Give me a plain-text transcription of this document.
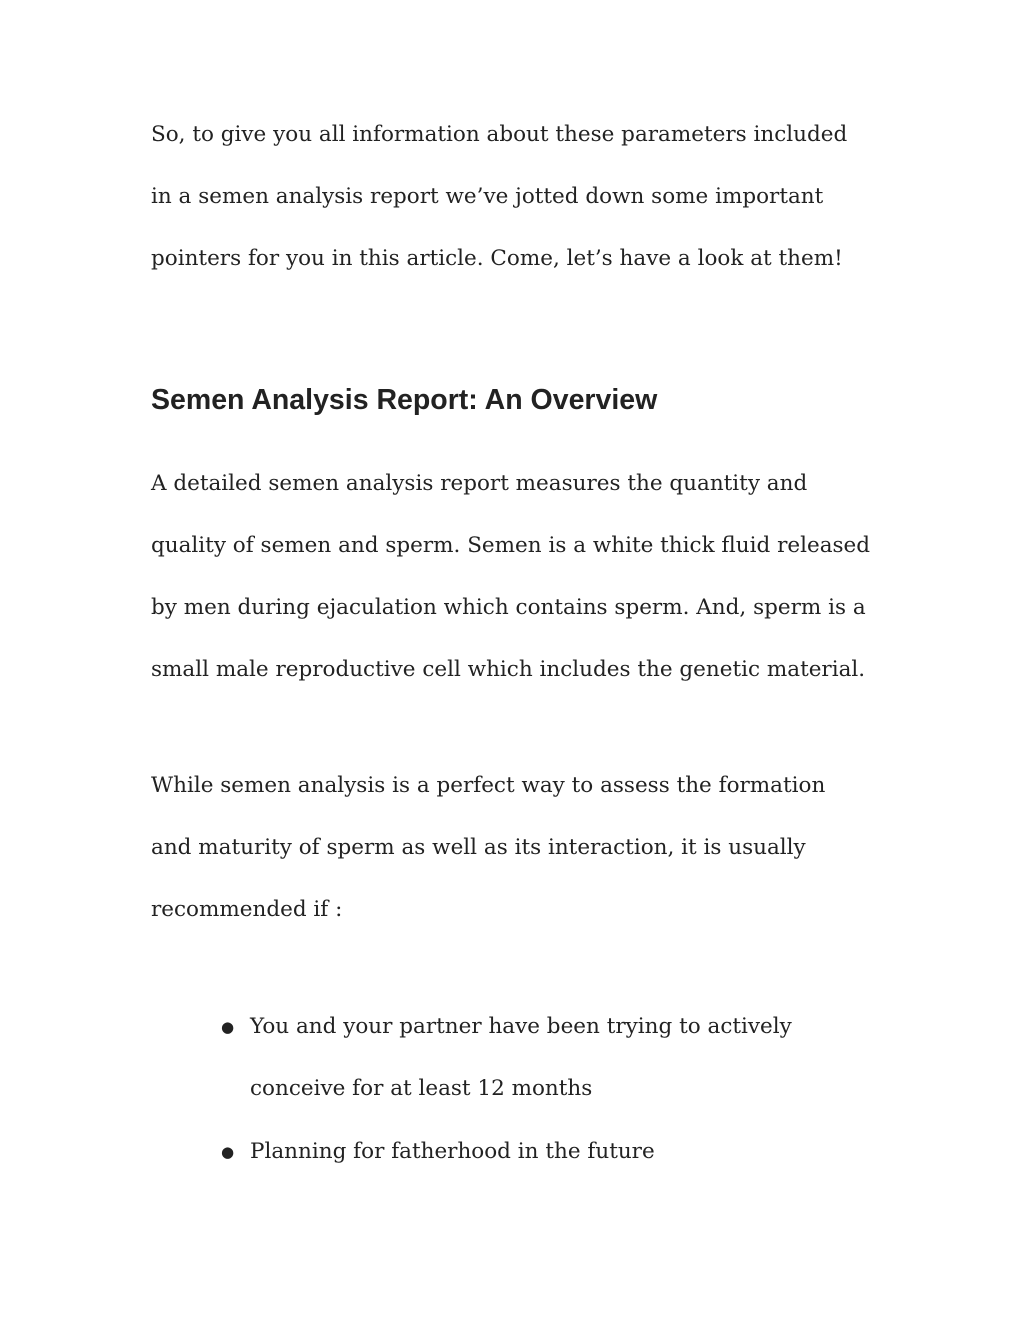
So, to give you all information about these parameters included

in a semen analysis report we’ve jotted down some important

pointers for you in this article. Come, let’s have a look at them!

Semen Analysis Report: An Overview

A detailed semen analysis report measures the quantity and

quality of semen and sperm. Semen is a white thick fluid released

by men during ejaculation which contains sperm. And, sperm is a

small male reproductive cell which includes the genetic material.

While semen analysis is a perfect way to assess the formation

and maturity of sperm as well as its interaction, it is usually

recommended if :

● You and your partner have been trying to actively

conceive for at least 12 months

● Planning for fatherhood in the future
